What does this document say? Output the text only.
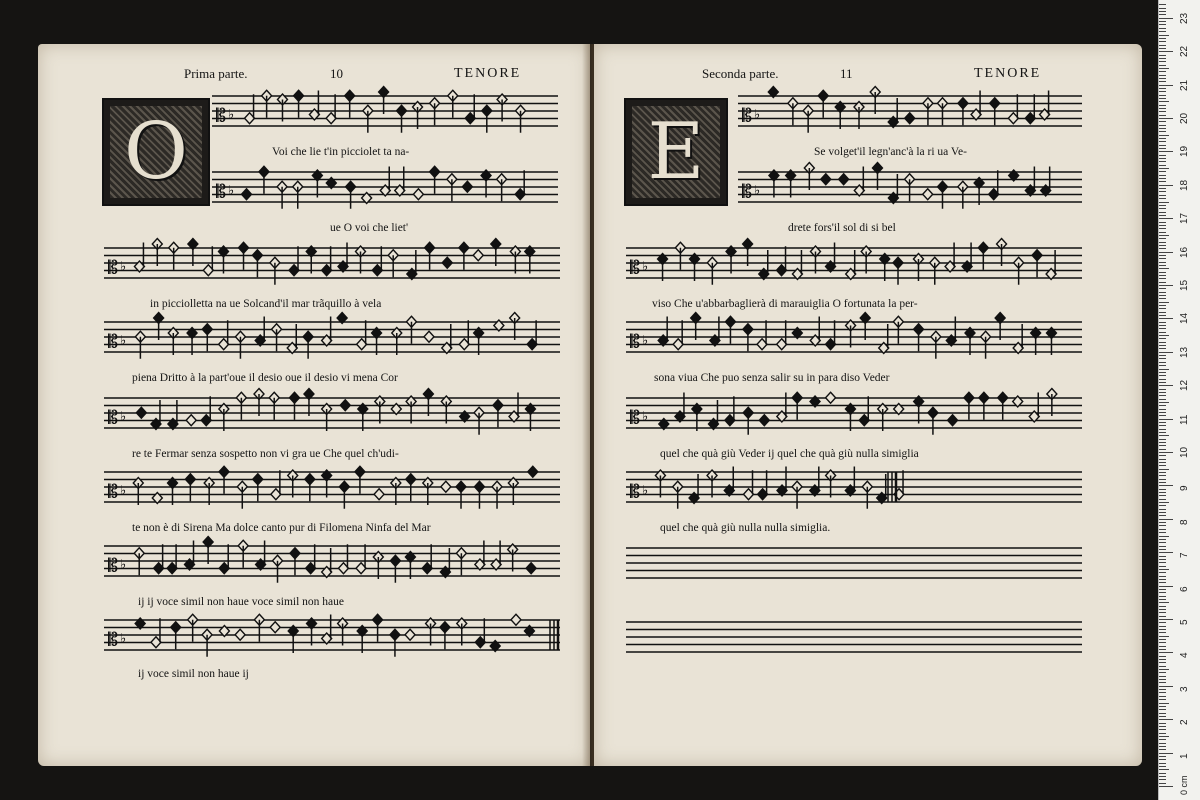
Prima parte.	10	TENORE
O
Seconda parte.	11	TENORE
E
𝄡 ♭
Voi che lie t'in picciolet ta na-
𝄡 ♭
ue O voi che liet'
𝄡 ♭
in picciolletta na ue Solcand'il mar trãquillo à vela
𝄡 ♭
piena Dritto à la part'oue il desio oue il desio vi mena Cor
𝄡 ♭
re te Fermar senza sospetto non vi gra ue Che quel ch'udi-
𝄡 ♭
te non è di Sirena Ma dolce canto pur di Filomena Ninfa del Mar
𝄡 ♭
ij ij voce simil non haue voce simil non haue
𝄡 ♭
ij voce simil non haue ij
𝄡 ♭
Se volget'il legn'anc'à la ri ua Ve-
𝄡 ♭
drete fors'il sol di si bel
𝄡 ♭
viso Che u'abbarbaglierà di marauiglia O fortunata la per-
𝄡 ♭
sona viua Che puo senza salir su in para diso Veder
𝄡 ♭
quel che quà giù Veder ij quel che quà giù nulla simiglia
𝄡 ♭
quel che quà giù nulla nulla simiglia.
1
2
3
4
5
6
7
8
9
10
11
12
13
14
15
16
17
18
19
20
21
22
23
0 cm
